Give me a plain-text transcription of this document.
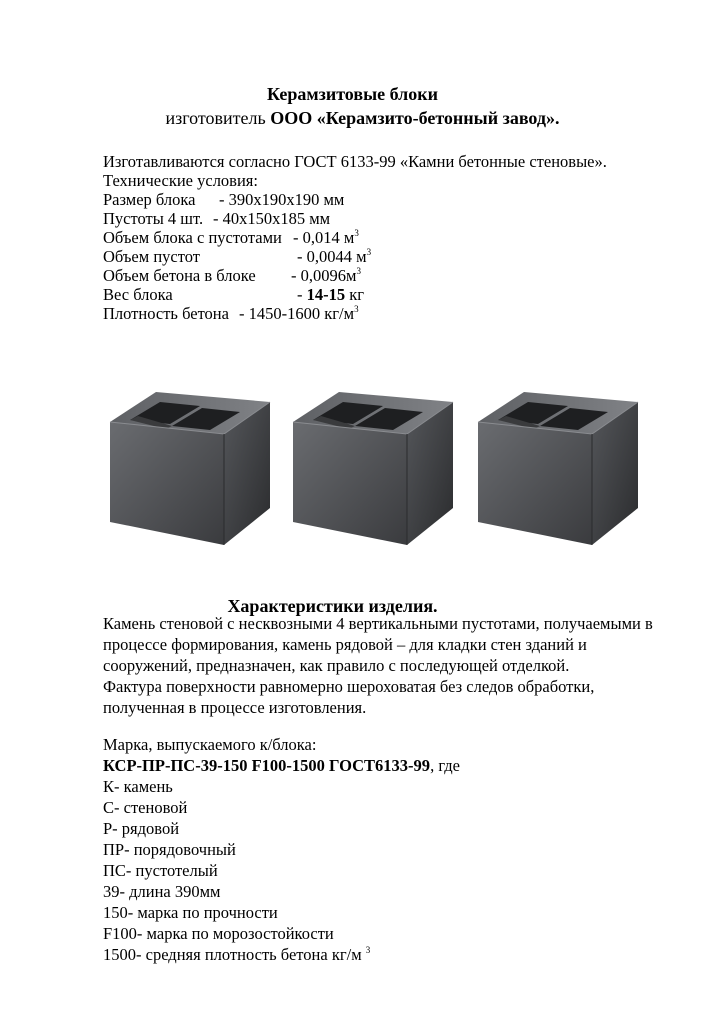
Керамзитовые блоки
изготовитель ООО «Керамзито-бетонный завод».
Изготавливаются согласно ГОСТ 6133-99 «Камни бетонные стеновые».
Технические условия:
Размер блока - 390х190х190 мм
Пустоты 4 шт. - 40х150х185 мм
Объем блока с пустотами - 0,014 $м^3$
Объем пустот	- 0,0044 $м^3$
Объем бетона в блоке - $0,0096м^3$
Вес блока	- 14-15 кг
Плотность бетона - 1450-1600 $кг/м^3$
Характеристики изделия.
Камень стеновой с несквозными 4 вертикальными пустотами, получаемыми в
процессе формирования, камень рядовой – для кладки стен зданий и
сооружений, предназначен, как правило с последующей отделкой.
Фактура поверхности равномерно шероховатая без следов обработки,
полученная в процессе изготовления.
Марка, выпускаемого к/блока:
КСР-ПР-ПС-39-150 F100-1500 ГОСТ6133-99, где
К- камень
С- стеновой
Р- рядовой
ПР- порядовочный
ПС- пустотелый
39- длина 390мм
150- марка по прочности
F100- марка по морозостойкости
1500- средняя плотность бетона кг/м $^3$
